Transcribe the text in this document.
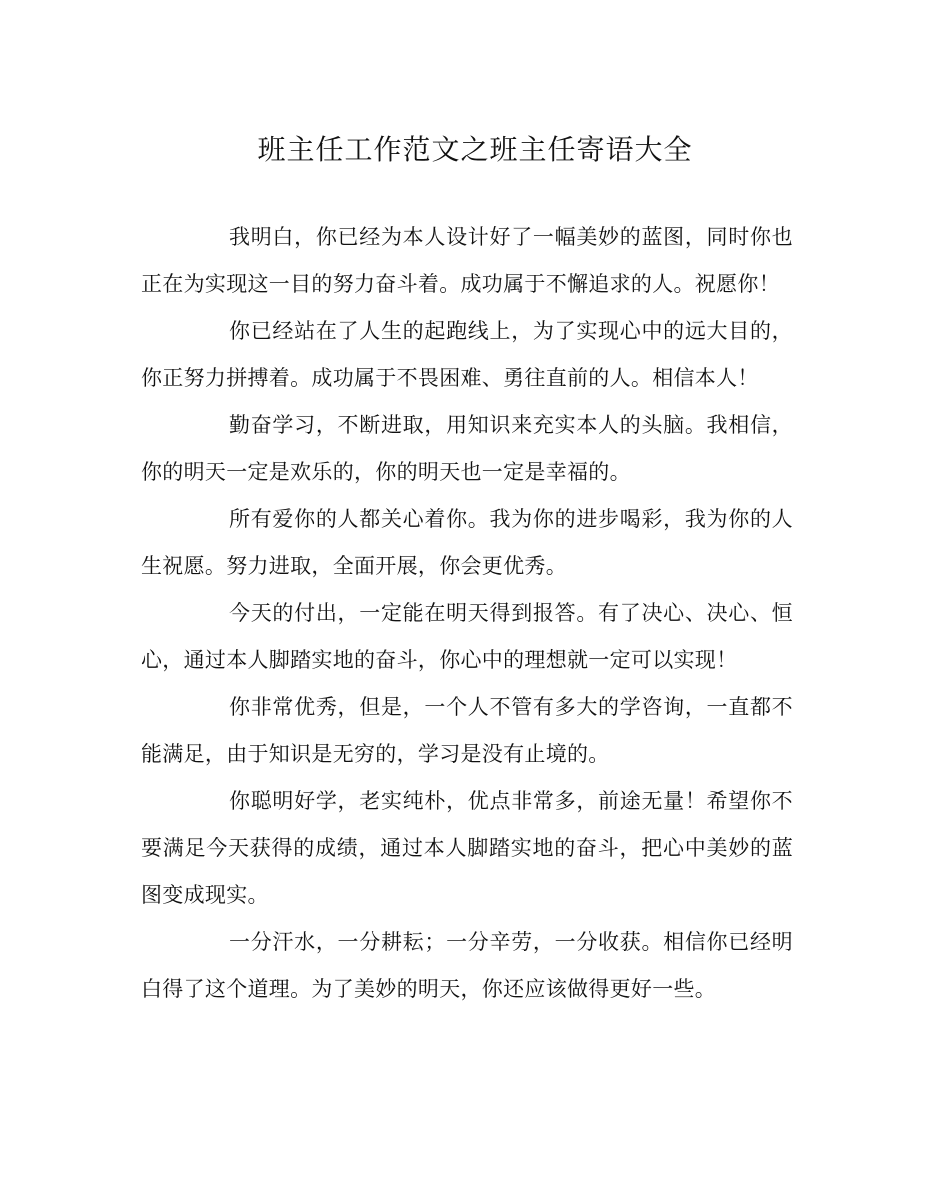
班主任工作范文之班主任寄语大全

我明白，你已经为本人设计好了一幅美妙的蓝图，同时你也正在为实现这一目的努力奋斗着。成功属于不懈追求的人。祝愿你！

你已经站在了人生的起跑线上，为了实现心中的远大目的，你正努力拼搏着。成功属于不畏困难、勇往直前的人。相信本人！

勤奋学习，不断进取，用知识来充实本人的头脑。我相信，你的明天一定是欢乐的，你的明天也一定是幸福的。

所有爱你的人都关心着你。我为你的进步喝彩，我为你的人生祝愿。努力进取，全面开展，你会更优秀。

今天的付出，一定能在明天得到报答。有了决心、决心、恒心，通过本人脚踏实地的奋斗，你心中的理想就一定可以实现！

你非常优秀，但是，一个人不管有多大的学咨询，一直都不能满足，由于知识是无穷的，学习是没有止境的。

你聪明好学，老实纯朴，优点非常多，前途无量！希望你不要满足今天获得的成绩，通过本人脚踏实地的奋斗，把心中美妙的蓝图变成现实。

一分汗水，一分耕耘；一分辛劳，一分收获。相信你已经明白得了这个道理。为了美妙的明天，你还应该做得更好一些。
